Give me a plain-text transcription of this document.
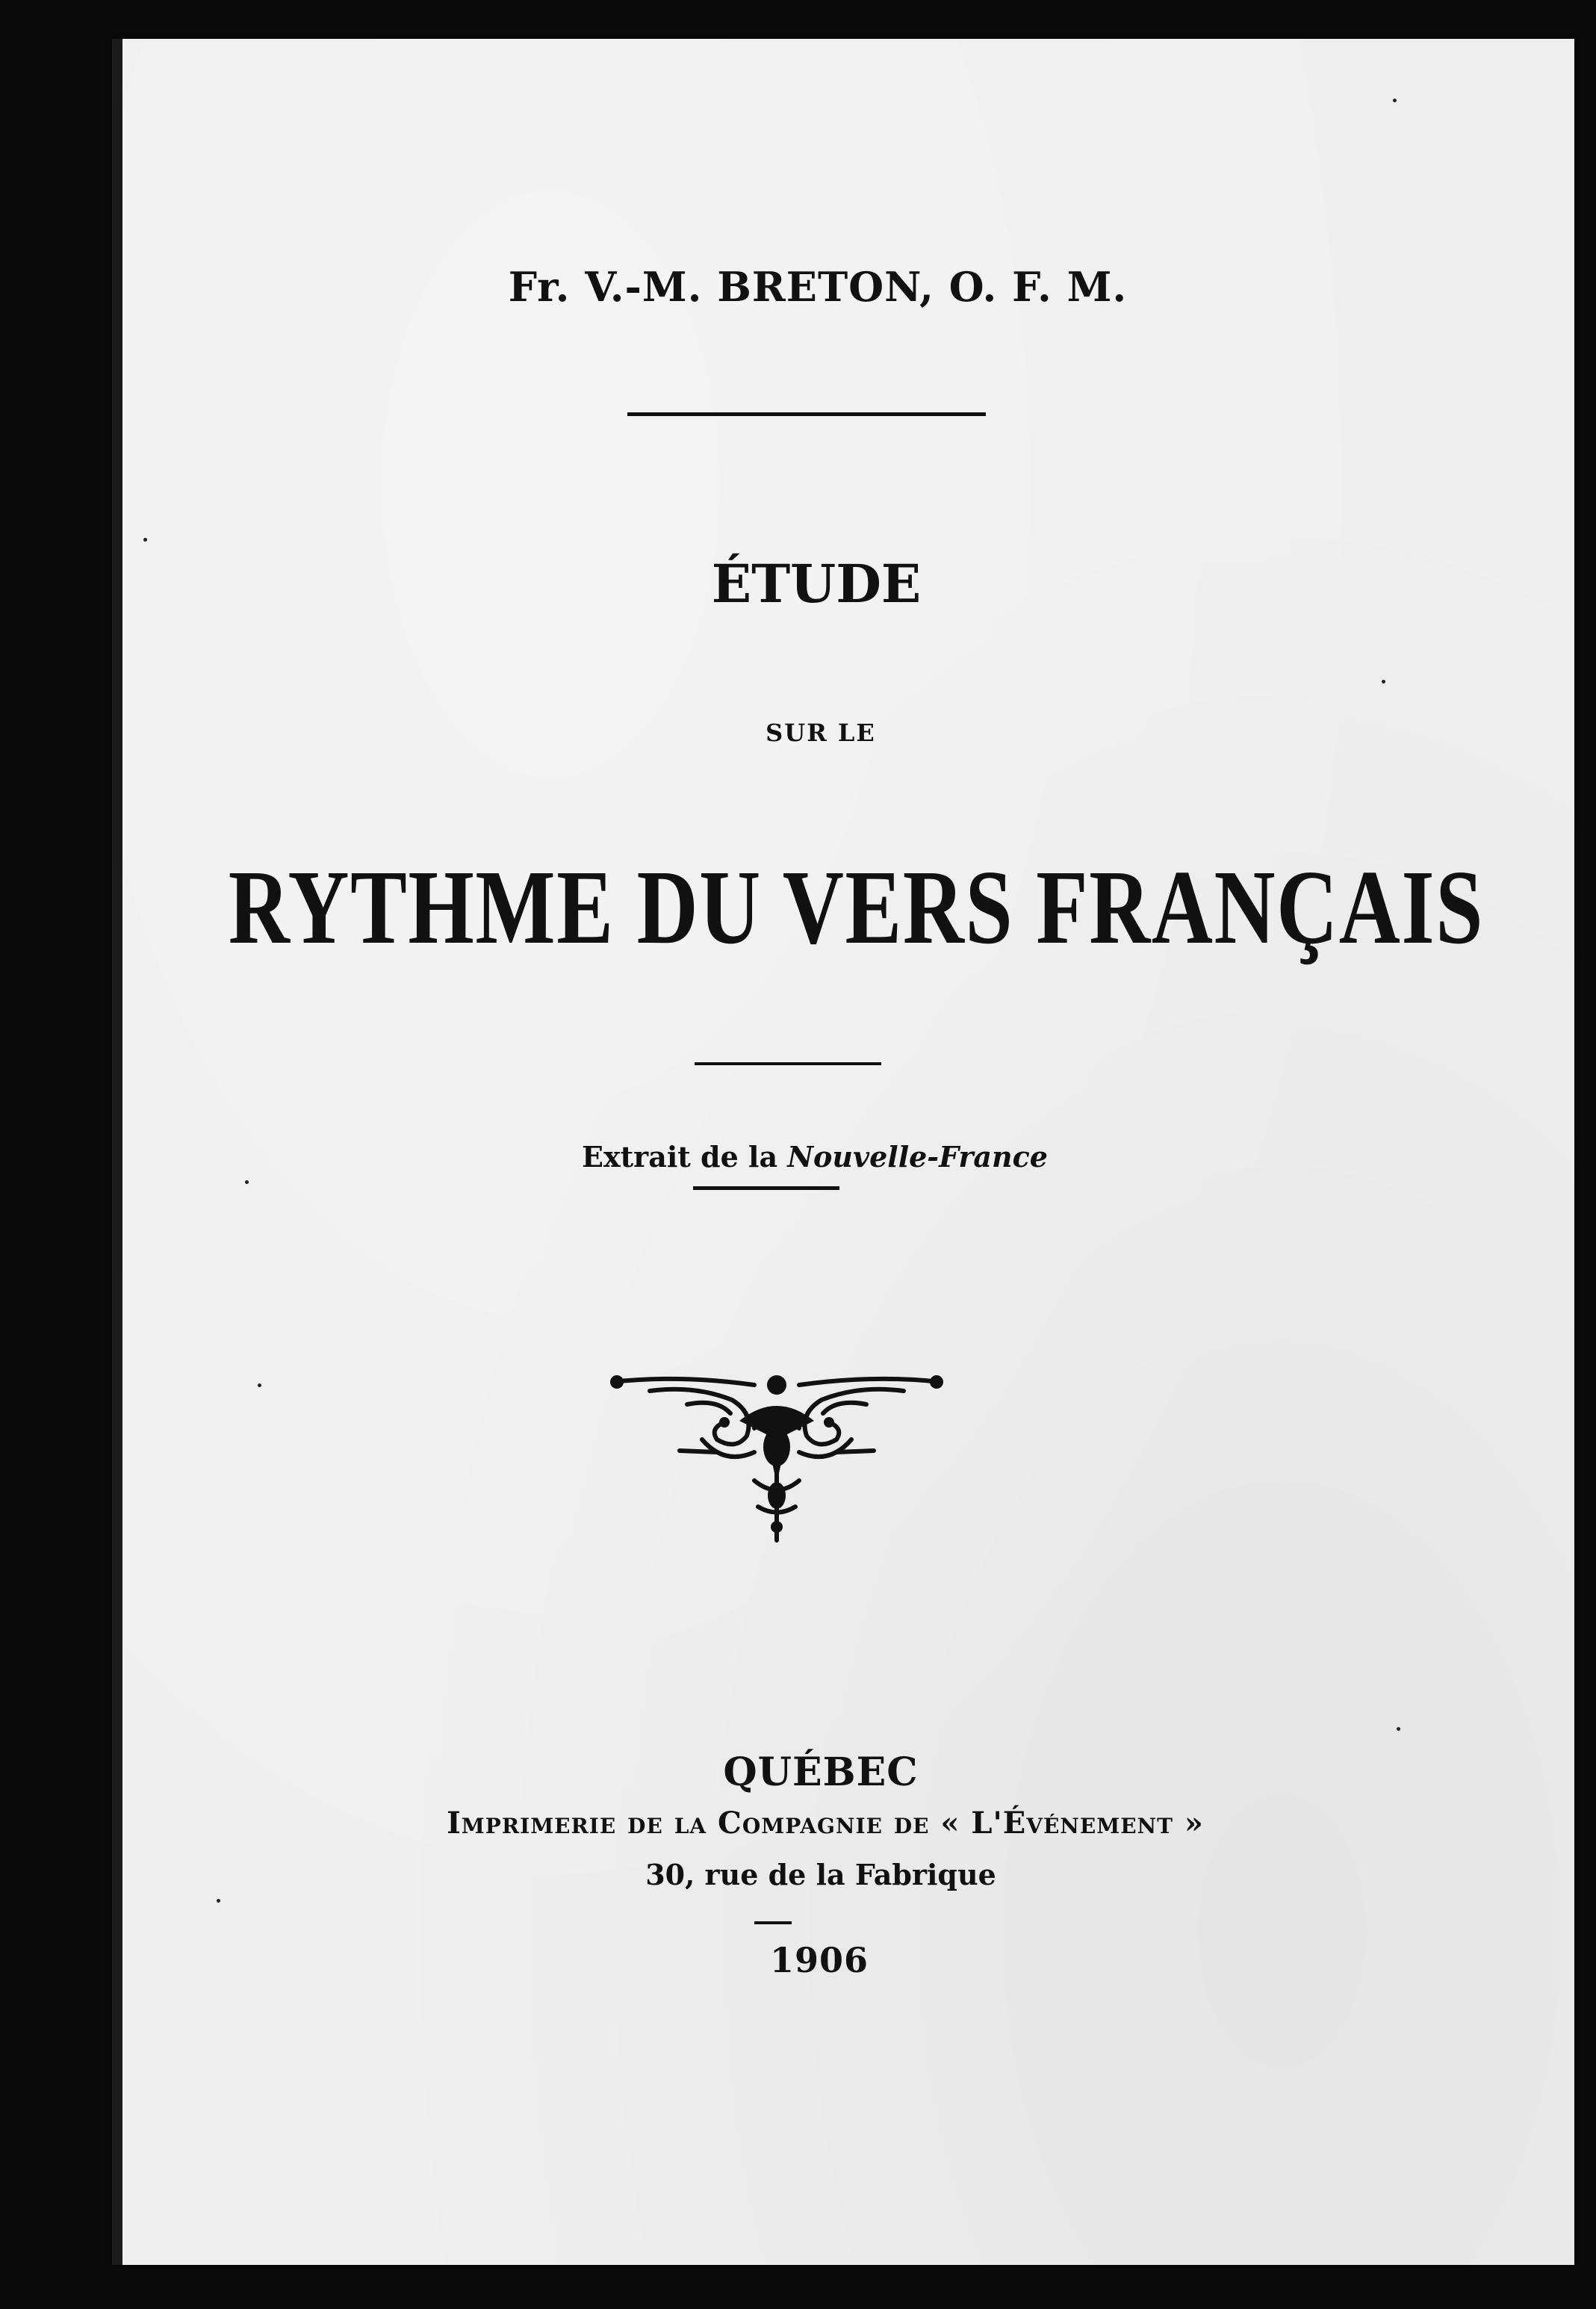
Fr. V.-M. BRETON, O. F. M.
ÉTUDE
SUR LE
RYTHME DU VERS FRANÇAIS
Extrait de la Nouvelle-France
QUÉBEC
Imprimerie de la Compagnie de « L'Événement »
30, rue de la Fabrique
1906
